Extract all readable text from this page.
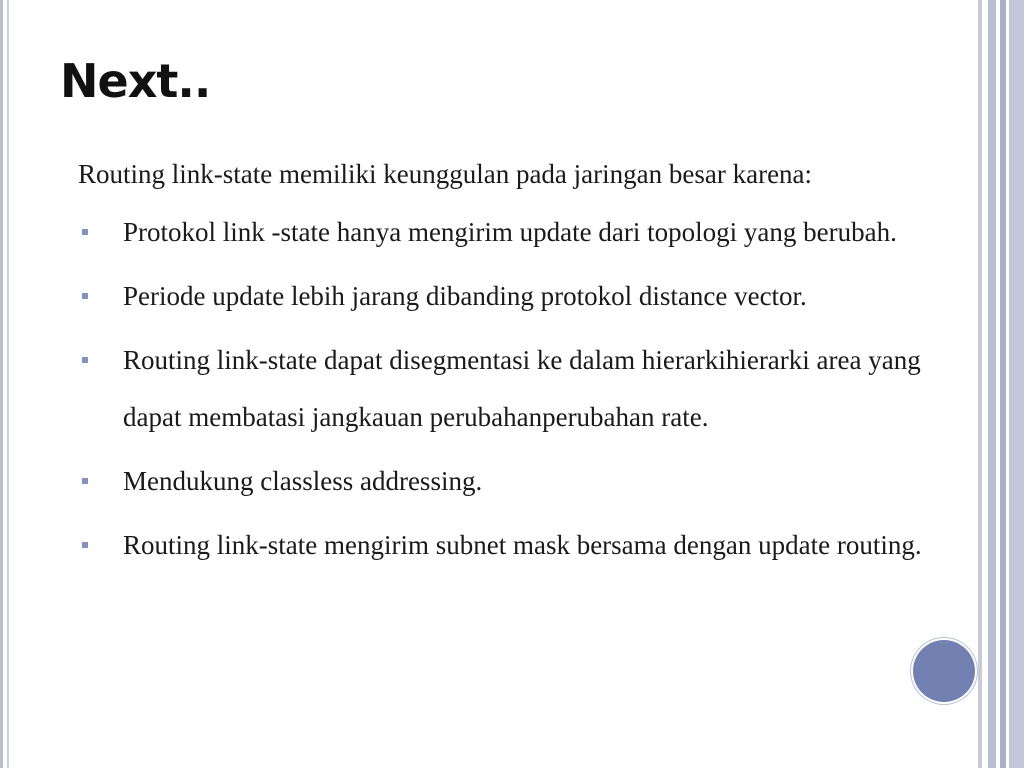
Next..

Routing link-state memiliki keunggulan pada jaringan besar karena:

Protokol link -state hanya mengirim update dari topologi yang berubah.
Periode update lebih jarang dibanding protokol distance vector.
Routing link-state dapat disegmentasi ke dalam hierarkihierarki area yang dapat membatasi jangkauan perubahanperubahan rate.
Mendukung classless addressing.
Routing link-state mengirim subnet mask bersama dengan update routing.
